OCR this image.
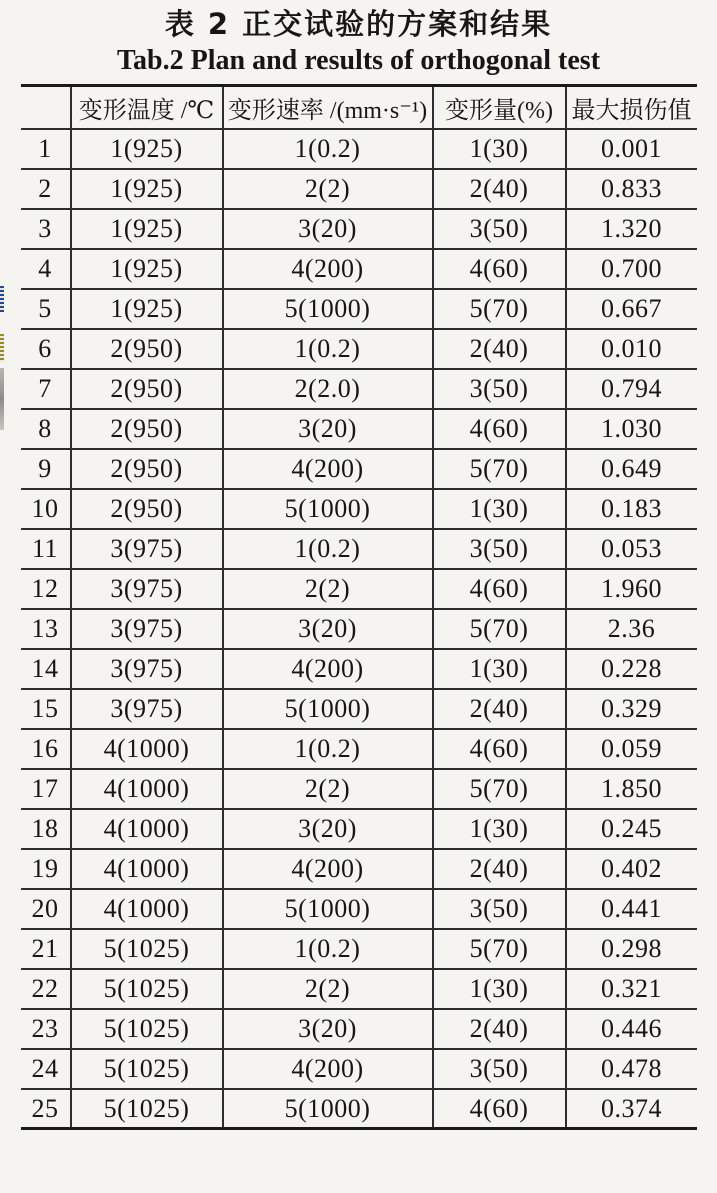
表 2 正交试验的方案和结果
Tab.2 Plan and results of orthogonal test
	变形温度 /℃	变形速率 /(mm·s⁻¹)	变形量(%)	最大损伤值
1	1(925)	1(0.2)	1(30)	0.001
2	1(925)	2(2)	2(40)	0.833
3	1(925)	3(20)	3(50)	1.320
4	1(925)	4(200)	4(60)	0.700
5	1(925)	5(1000)	5(70)	0.667
6	2(950)	1(0.2)	2(40)	0.010
7	2(950)	2(2.0)	3(50)	0.794
8	2(950)	3(20)	4(60)	1.030
9	2(950)	4(200)	5(70)	0.649
10	2(950)	5(1000)	1(30)	0.183
11	3(975)	1(0.2)	3(50)	0.053
12	3(975)	2(2)	4(60)	1.960
13	3(975)	3(20)	5(70)	2.36
14	3(975)	4(200)	1(30)	0.228
15	3(975)	5(1000)	2(40)	0.329
16	4(1000)	1(0.2)	4(60)	0.059
17	4(1000)	2(2)	5(70)	1.850
18	4(1000)	3(20)	1(30)	0.245
19	4(1000)	4(200)	2(40)	0.402
20	4(1000)	5(1000)	3(50)	0.441
21	5(1025)	1(0.2)	5(70)	0.298
22	5(1025)	2(2)	1(30)	0.321
23	5(1025)	3(20)	2(40)	0.446
24	5(1025)	4(200)	3(50)	0.478
25	5(1025)	5(1000)	4(60)	0.374
